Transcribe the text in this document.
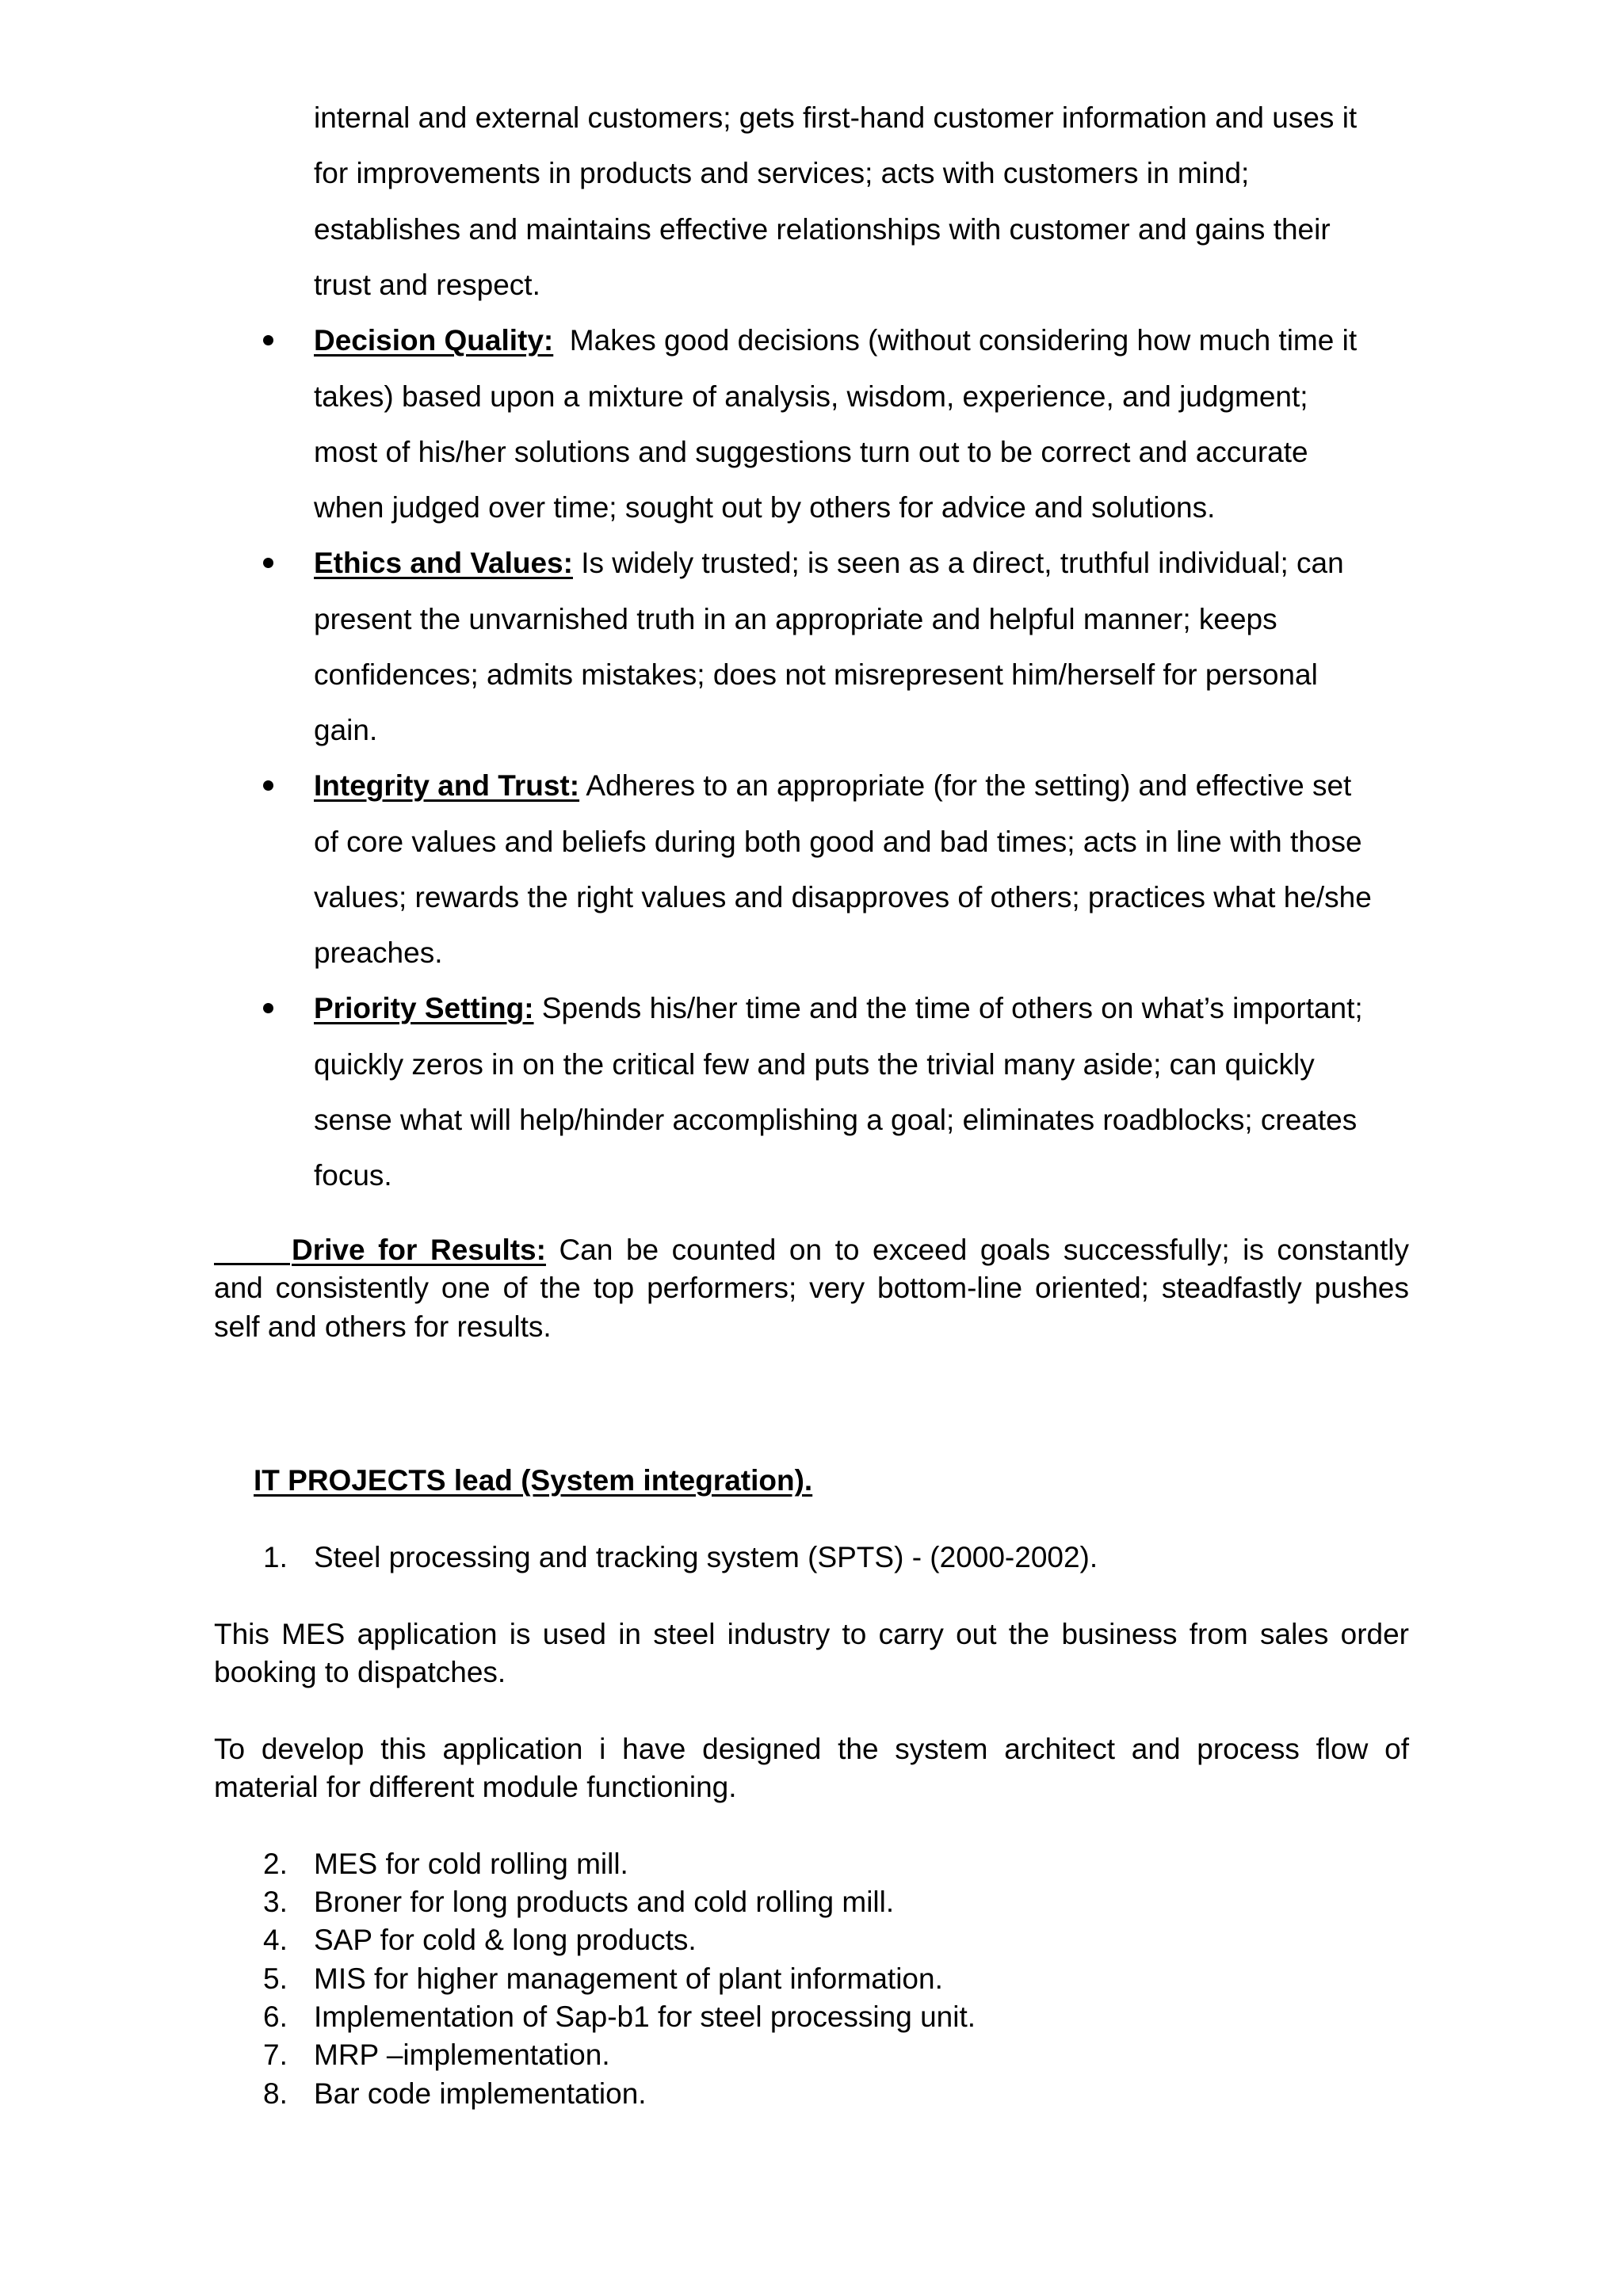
internal and external customers; gets first-hand customer information and uses it
for improvements in products and services; acts with customers in mind;
establishes and maintains effective relationships with customer and gains their
trust and respect.
Decision Quality:  Makes good decisions (without considering how much time it
takes) based upon a mixture of analysis, wisdom, experience, and judgment;
most of his/her solutions and suggestions turn out to be correct and accurate
when judged over time; sought out by others for advice and solutions.
Ethics and Values: Is widely trusted; is seen as a direct, truthful individual; can
present the unvarnished truth in an appropriate and helpful manner; keeps
confidences; admits mistakes; does not misrepresent him/herself for personal
gain.
Integrity and Trust: Adheres to an appropriate (for the setting) and effective set
of core values and beliefs during both good and bad times; acts in line with those
values; rewards the right values and disapproves of others; practices what he/she
preaches.
Priority Setting: Spends his/her time and the time of others on what’s important;
quickly zeros in on the critical few and puts the trivial many aside; can quickly
sense what will help/hinder accomplishing a goal; eliminates roadblocks; creates
focus.
Drive for Results: Can be counted on to exceed goals successfully; is constantly
and consistently one of the top performers; very bottom-line oriented; steadfastly pushes
self and others for results.
IT PROJECTS lead (System integration).
1. Steel processing and tracking system (SPTS) - (2000-2002).
This MES application is used in steel industry to carry out the business from sales order
booking to dispatches.
To develop this application i have designed the system architect and process flow of
material for different module functioning.
2. MES for cold rolling mill.
3. Broner for long products and cold rolling mill.
4. SAP for cold & long products.
5. MIS for higher management of plant information.
6. Implementation of Sap-b1 for steel processing unit.
7. MRP –implementation.
8. Bar code implementation.
